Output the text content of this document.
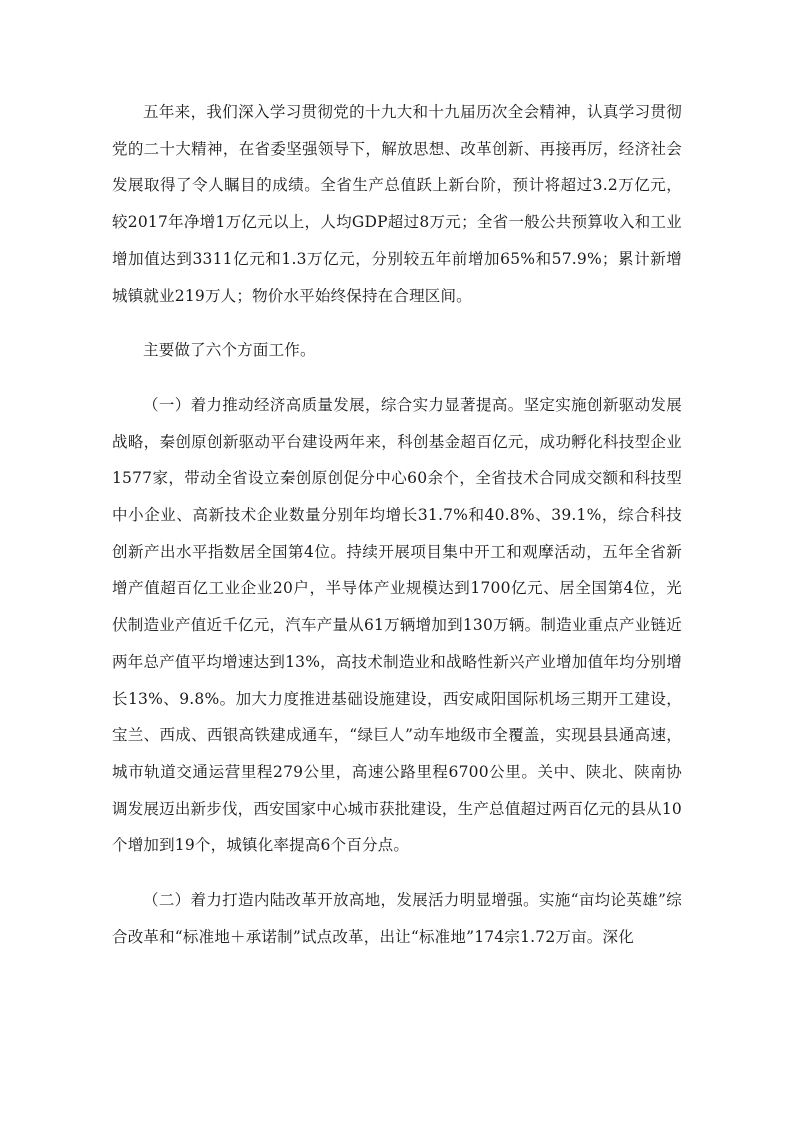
五年来，我们深入学习贯彻党的十九大和十九届历次全会精神，认真学习贯彻党的二十大精神，在省委坚强领导下，解放思想、改革创新、再接再厉，经济社会发展取得了令人瞩目的成绩。全省生产总值跃上新台阶，预计将超过3.2万亿元，较2017年净增1万亿元以上，人均GDP超过8万元；全省一般公共预算收入和工业增加值达到3311亿元和1.3万亿元，分别较五年前增加65%和57.9%；累计新增城镇就业219万人；物价水平始终保持在合理区间。

主要做了六个方面工作。

（一）着力推动经济高质量发展，综合实力显著提高。坚定实施创新驱动发展战略，秦创原创新驱动平台建设两年来，科创基金超百亿元，成功孵化科技型企业1577家，带动全省设立秦创原创促分中心60余个，全省技术合同成交额和科技型中小企业、高新技术企业数量分别年均增长31.7%和40.8%、39.1%，综合科技创新产出水平指数居全国第4位。持续开展项目集中开工和观摩活动，五年全省新增产值超百亿工业企业20户，半导体产业规模达到1700亿元、居全国第4位，光伏制造业产值近千亿元，汽车产量从61万辆增加到130万辆。制造业重点产业链近两年总产值平均增速达到13%，高技术制造业和战略性新兴产业增加值年均分别增长13%、9.8%。加大力度推进基础设施建设，西安咸阳国际机场三期开工建设，宝兰、西成、西银高铁建成通车，“绿巨人”动车地级市全覆盖，实现县县通高速，城市轨道交通运营里程279公里，高速公路里程6700公里。关中、陕北、陕南协调发展迈出新步伐，西安国家中心城市获批建设，生产总值超过两百亿元的县从10个增加到19个，城镇化率提高6个百分点。

（二）着力打造内陆改革开放高地，发展活力明显增强。实施“亩均论英雄”综合改革和“标准地＋承诺制”试点改革，出让“标准地”174宗1.72万亩。深化
